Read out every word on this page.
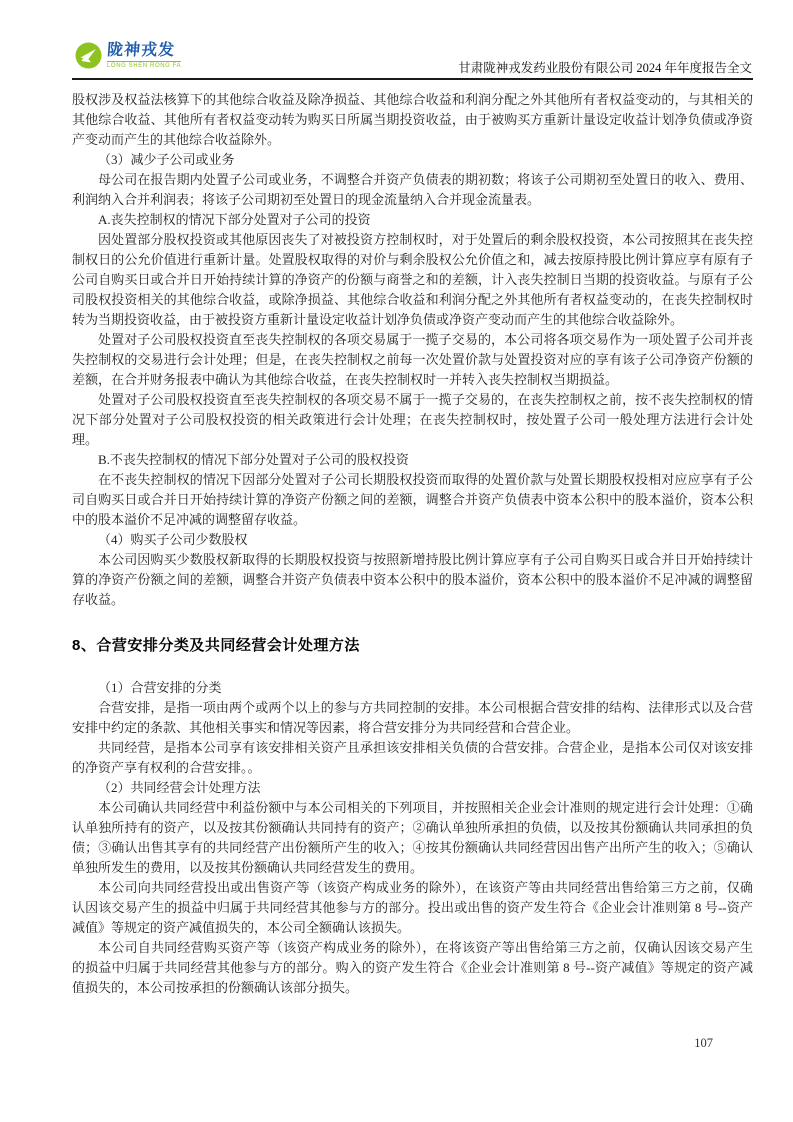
陇神戎发
LONG SHEN RONG FA	甘肃陇神戎发药业股份有限公司 2024 年年度报告全文

股权涉及权益法核算下的其他综合收益及除净损益、其他综合收益和利润分配之外其他所有者权益变动的，与其相关的其他综合收益、其他所有者权益变动转为购买日所属当期投资收益，由于被购买方重新计量设定收益计划净负债或净资产变动而产生的其他综合收益除外。

（3）减少子公司或业务

母公司在报告期内处置子公司或业务，不调整合并资产负债表的期初数；将该子公司期初至处置日的收入、费用、利润纳入合并利润表；将该子公司期初至处置日的现金流量纳入合并现金流量表。

A.丧失控制权的情况下部分处置对子公司的投资

因处置部分股权投资或其他原因丧失了对被投资方控制权时，对于处置后的剩余股权投资，本公司按照其在丧失控制权日的公允价值进行重新计量。处置股权取得的对价与剩余股权公允价值之和，减去按原持股比例计算应享有原有子公司自购买日或合并日开始持续计算的净资产的份额与商誉之和的差额，计入丧失控制日当期的投资收益。与原有子公司股权投资相关的其他综合收益，或除净损益、其他综合收益和利润分配之外其他所有者权益变动的，在丧失控制权时转为当期投资收益，由于被投资方重新计量设定收益计划净负债或净资产变动而产生的其他综合收益除外。

处置对子公司股权投资直至丧失控制权的各项交易属于一揽子交易的，本公司将各项交易作为一项处置子公司并丧失控制权的交易进行会计处理；但是，在丧失控制权之前每一次处置价款与处置投资对应的享有该子公司净资产份额的差额，在合并财务报表中确认为其他综合收益，在丧失控制权时一并转入丧失控制权当期损益。

处置对子公司股权投资直至丧失控制权的各项交易不属于一揽子交易的，在丧失控制权之前，按不丧失控制权的情况下部分处置对子公司股权投资的相关政策进行会计处理；在丧失控制权时，按处置子公司一般处理方法进行会计处理。

B.不丧失控制权的情况下部分处置对子公司的股权投资

在不丧失控制权的情况下因部分处置对子公司长期股权投资而取得的处置价款与处置长期股权投相对应应享有子公司自购买日或合并日开始持续计算的净资产份额之间的差额，调整合并资产负债表中资本公积中的股本溢价，资本公积中的股本溢价不足冲减的调整留存收益。

（4）购买子公司少数股权

本公司因购买少数股权新取得的长期股权投资与按照新增持股比例计算应享有子公司自购买日或合并日开始持续计算的净资产份额之间的差额，调整合并资产负债表中资本公积中的股本溢价，资本公积中的股本溢价不足冲减的调整留存收益。

8、合营安排分类及共同经营会计处理方法

（1）合营安排的分类

合营安排，是指一项由两个或两个以上的参与方共同控制的安排。本公司根据合营安排的结构、法律形式以及合营安排中约定的条款、其他相关事实和情况等因素，将合营安排分为共同经营和合营企业。

共同经营，是指本公司享有该安排相关资产且承担该安排相关负债的合营安排。合营企业，是指本公司仅对该安排的净资产享有权利的合营安排。。

（2）共同经营会计处理方法

本公司确认共同经营中利益份额中与本公司相关的下列项目，并按照相关企业会计准则的规定进行会计处理：①确认单独所持有的资产，以及按其份额确认共同持有的资产；②确认单独所承担的负债，以及按其份额确认共同承担的负债；③确认出售其享有的共同经营产出份额所产生的收入；④按其份额确认共同经营因出售产出所产生的收入；⑤确认单独所发生的费用，以及按其份额确认共同经营发生的费用。

本公司向共同经营投出或出售资产等（该资产构成业务的除外），在该资产等由共同经营出售给第三方之前，仅确认因该交易产生的损益中归属于共同经营其他参与方的部分。投出或出售的资产发生符合《企业会计准则第 8 号--资产减值》等规定的资产减值损失的，本公司全额确认该损失。

本公司自共同经营购买资产等（该资产构成业务的除外），在将该资产等出售给第三方之前，仅确认因该交易产生的损益中归属于共同经营其他参与方的部分。购入的资产发生符合《企业会计准则第 8 号--资产减值》等规定的资产减值损失的，本公司按承担的份额确认该部分损失。

107
